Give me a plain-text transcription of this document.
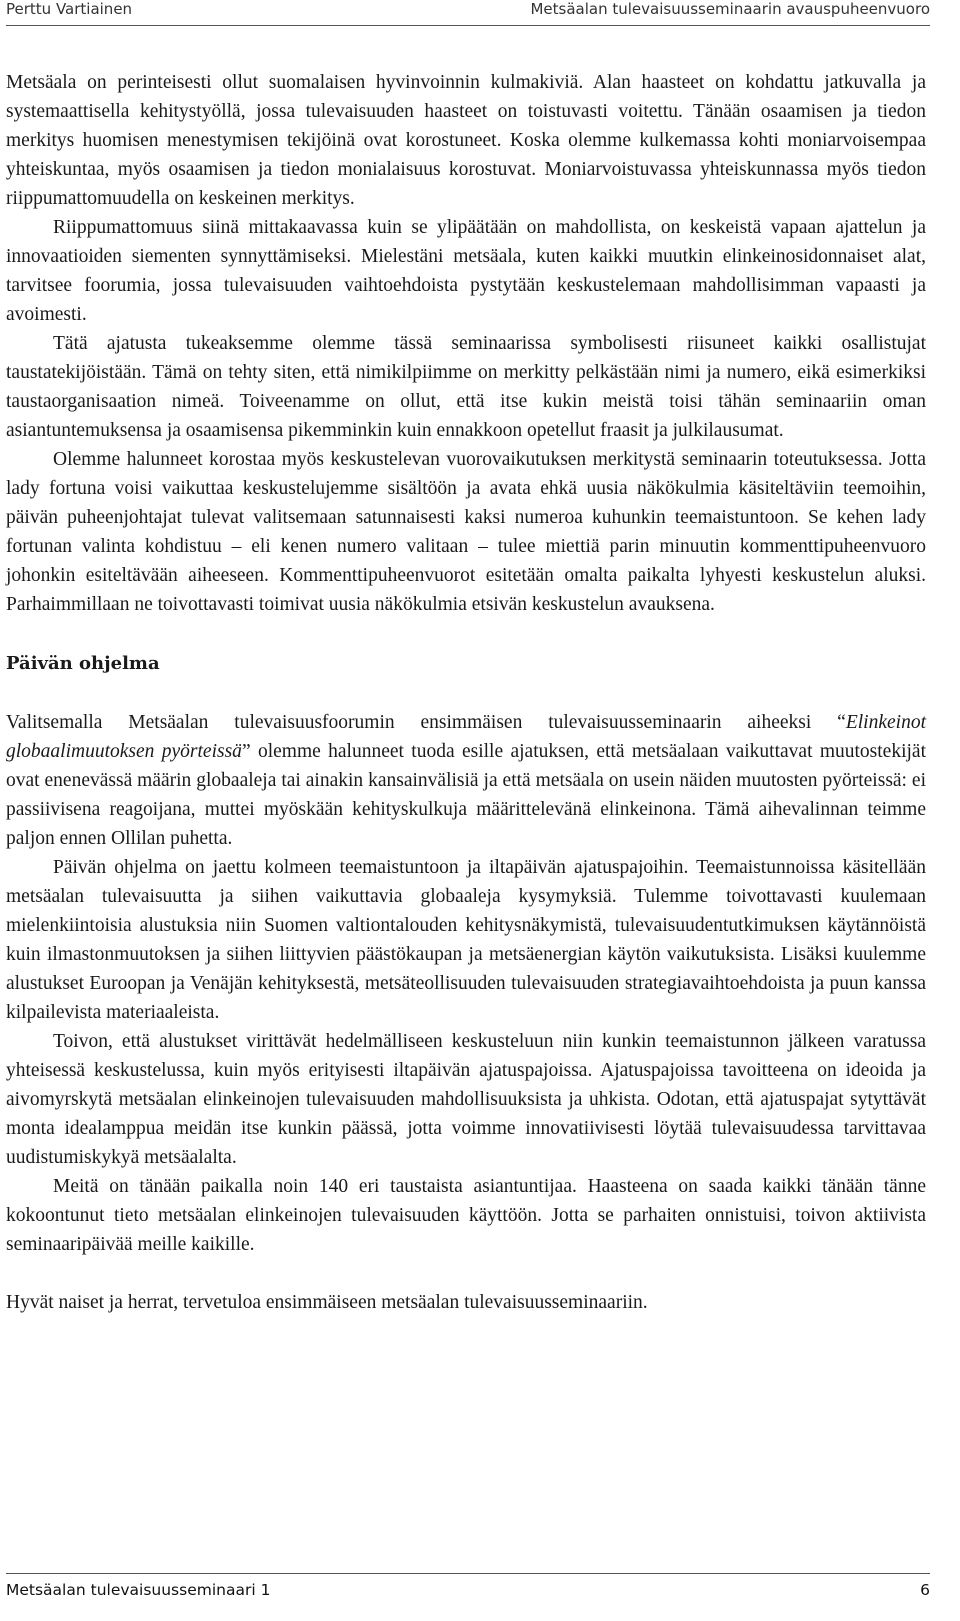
Perttu Vartiainen	Metsäalan tulevaisuusseminaarin avauspuheenvuoro

Metsäala on perinteisesti ollut suomalaisen hyvinvoinnin kulmakiviä. Alan haasteet on kohdattu jatkuvalla ja systemaattisella kehitystyöllä, jossa tulevaisuuden haasteet on toistuvasti voitettu. Tänään osaamisen ja tiedon merkitys huomisen menestymisen tekijöinä ovat korostuneet. Koska olemme kulkemassa kohti moniarvoisempaa yhteiskuntaa, myös osaamisen ja tiedon monialaisuus korostuvat. Moniarvoistuvassa yhteiskunnassa myös tiedon riippumattomuudella on keskeinen merkitys.

Riippumattomuus siinä mittakaavassa kuin se ylipäätään on mahdollista, on keskeistä vapaan ajattelun ja innovaatioiden siementen synnyttämiseksi. Mielestäni metsäala, kuten kaikki muutkin elinkeinosidonnaiset alat, tarvitsee foorumia, jossa tulevaisuuden vaihtoehdoista pystytään keskustelemaan mahdollisimman vapaasti ja avoimesti.

Tätä ajatusta tukeaksemme olemme tässä seminaarissa symbolisesti riisuneet kaikki osallistujat taustatekijöistään. Tämä on tehty siten, että nimikilpiimme on merkitty pelkästään nimi ja numero, eikä esimerkiksi taustaorganisaation nimeä. Toiveenamme on ollut, että itse kukin meistä toisi tähän seminaariin oman asiantuntemuksensa ja osaamisensa pikemminkin kuin ennakkoon opetellut fraasit ja julkilausumat.

Olemme halunneet korostaa myös keskustelevan vuorovaikutuksen merkitystä seminaarin toteutuksessa. Jotta lady fortuna voisi vaikuttaa keskustelujemme sisältöön ja avata ehkä uusia näkökulmia käsiteltäviin teemoihin, päivän puheenjohtajat tulevat valitsemaan satunnaisesti kaksi numeroa kuhunkin teemaistuntoon. Se kehen lady fortunan valinta kohdistuu – eli kenen numero valitaan – tulee miettiä parin minuutin kommenttipuheenvuoro johonkin esiteltävään aiheeseen. Kommenttipuheenvuorot esitetään omalta paikalta lyhyesti keskustelun aluksi. Parhaimmillaan ne toivottavasti toimivat uusia näkökulmia etsivän keskustelun avauksena.

Päivän ohjelma

Valitsemalla Metsäalan tulevaisuusfoorumin ensimmäisen tulevaisuusseminaarin aiheeksi “Elinkeinot globaalimuutoksen pyörteissä” olemme halunneet tuoda esille ajatuksen, että metsäalaan vaikuttavat muutostekijät ovat enenevässä määrin globaaleja tai ainakin kansainvälisiä ja että metsäala on usein näiden muutosten pyörteissä: ei passiivisena reagoijana, muttei myöskään kehityskulkuja määrittelevänä elinkeinona. Tämä aihevalinnan teimme paljon ennen Ollilan puhetta.

Päivän ohjelma on jaettu kolmeen teemaistuntoon ja iltapäivän ajatuspajoihin. Teemaistunnoissa käsitellään metsäalan tulevaisuutta ja siihen vaikuttavia globaaleja kysymyksiä. Tulemme toivottavasti kuulemaan mielenkiintoisia alustuksia niin Suomen valtiontalouden kehitysnäkymistä, tulevaisuudentutkimuksen käytännöistä kuin ilmastonmuutoksen ja siihen liittyvien päästökaupan ja metsäenergian käytön vaikutuksista. Lisäksi kuulemme alustukset Euroopan ja Venäjän kehityksestä, metsäteollisuuden tulevaisuuden strategiavaihtoehdoista ja puun kanssa kilpailevista materiaaleista.

Toivon, että alustukset virittävät hedelmälliseen keskusteluun niin kunkin teemaistunnon jälkeen varatussa yhteisessä keskustelussa, kuin myös erityisesti iltapäivän ajatuspajoissa. Ajatuspajoissa tavoitteena on ideoida ja aivomyrskytä metsäalan elinkeinojen tulevaisuuden mahdollisuuksista ja uhkista. Odotan, että ajatuspajat sytyttävät monta idealamppua meidän itse kunkin päässä, jotta voimme innovatiivisesti löytää tulevaisuudessa tarvittavaa uudistumiskykyä metsäalalta.

Meitä on tänään paikalla noin 140 eri taustaista asiantuntijaa. Haasteena on saada kaikki tänään tänne kokoontunut tieto metsäalan elinkeinojen tulevaisuuden käyttöön. Jotta se parhaiten onnistuisi, toivon aktiivista seminaaripäivää meille kaikille.

Hyvät naiset ja herrat, tervetuloa ensimmäiseen metsäalan tulevaisuusseminaariin.

Metsäalan tulevaisuusseminaari 1	6
